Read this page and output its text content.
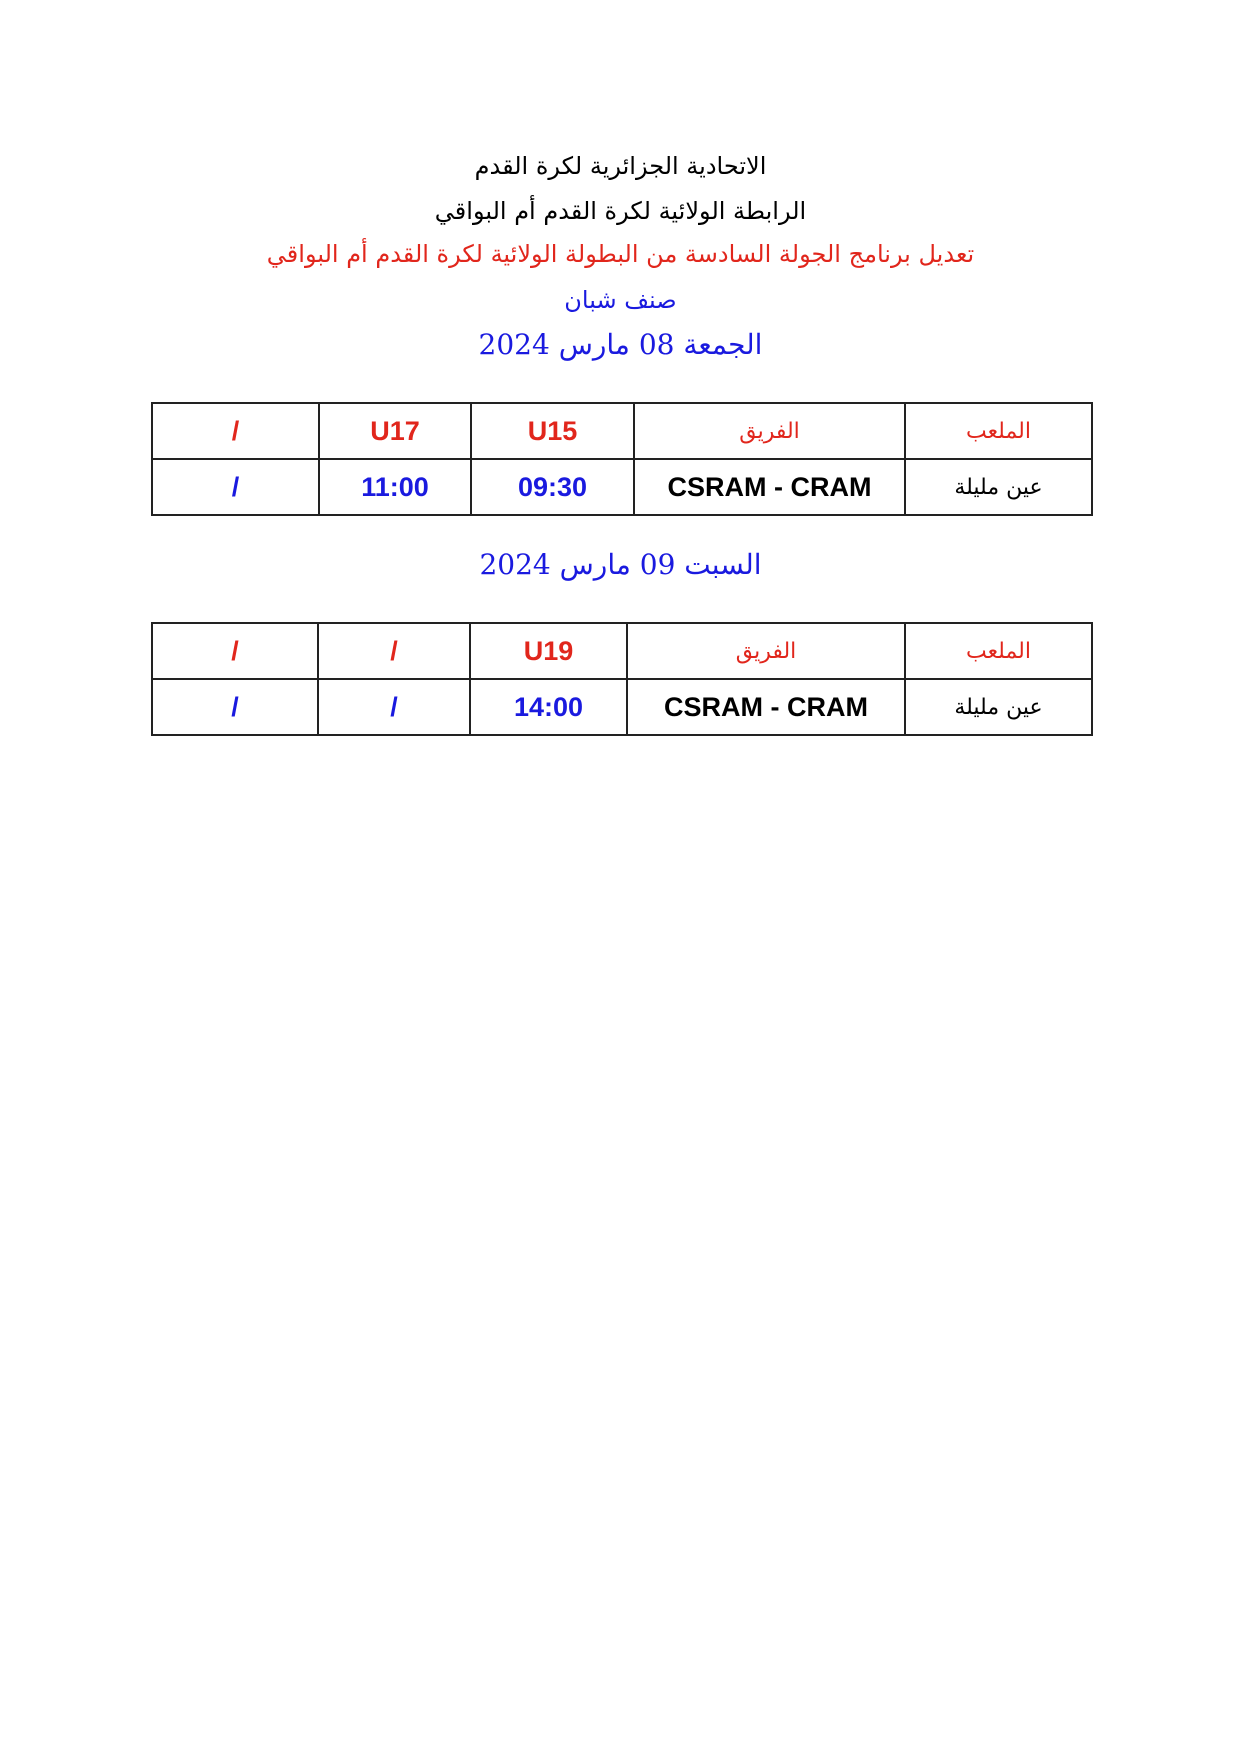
الاتحادية الجزائرية لكرة القدم
الرابطة الولائية لكرة القدم أم البواقي
تعديل برنامج الجولة السادسة من البطولة الولائية لكرة القدم أم البواقي
صنف شبان
الجمعة 08 مارس 2024
/	U17	U15	الفريق	الملعب
/	11:00	09:30	CSRAM - CRAM	عين مليلة
السبت 09 مارس 2024
/	/	U19	الفريق	الملعب
/	/	14:00	CSRAM - CRAM	عين مليلة
